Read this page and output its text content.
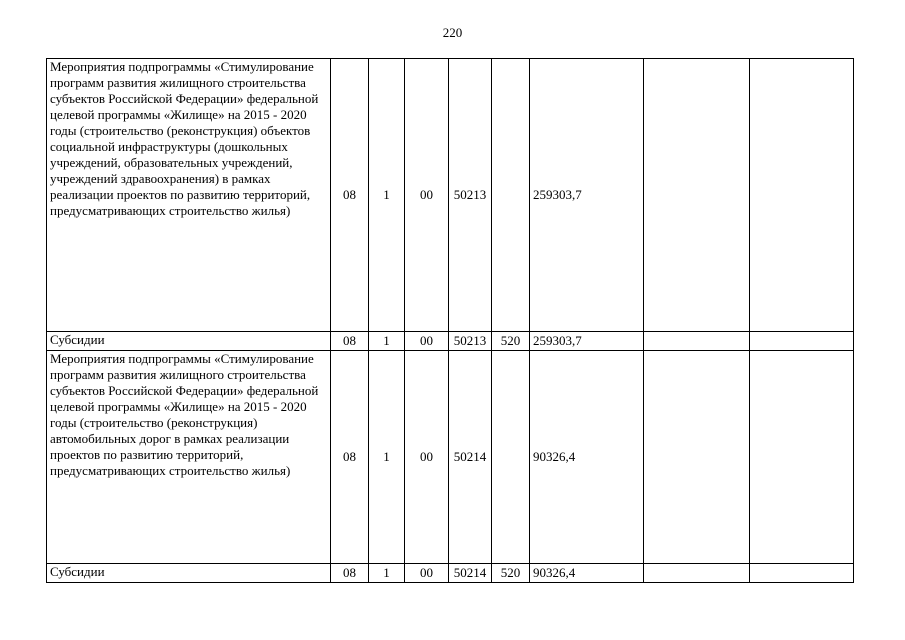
220
Мероприятия подпрограммы «Стимулирование программ развития жилищного строительства субъектов Российской Федерации» федеральной целевой программы «Жилище» на 2015 - 2020 годы (строительство (реконструкция) объектов социальной инфраструктуры (дошкольных учреждений, образовательных учреждений, учреждений здравоохранения) в рамках реализации проектов по развитию территорий, предусматривающих строительство жилья)	08	1	00	50213		259303,7		
Субсидии	08	1	00	50213	520	259303,7		
Мероприятия подпрограммы «Стимулирование программ развития жилищного строительства субъектов Российской Федерации» федеральной целевой программы «Жилище» на 2015 - 2020 годы (строительство (реконструкция) автомобильных дорог в рамках реализации проектов по развитию территорий, предусматривающих строительство жилья)	08	1	00	50214		90326,4		
Субсидии	08	1	00	50214	520	90326,4		
